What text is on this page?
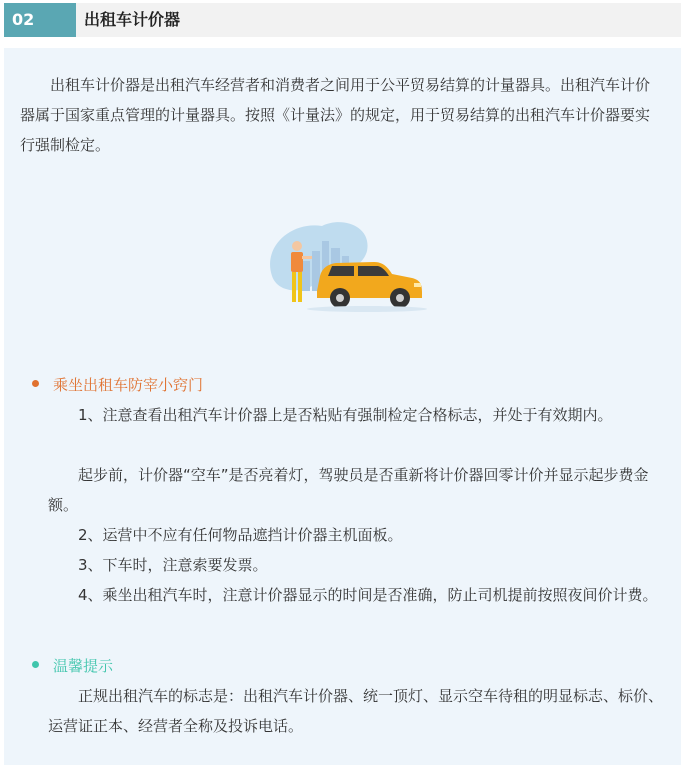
02	出租车计价器

出租车计价器是出租汽车经营者和消费者之间用于公平贸易结算的计量器具。出租汽车计价器属于国家重点管理的计量器具。按照《计量法》的规定，用于贸易结算的出租汽车计价器要实行强制检定。

乘坐出租车防宰小窍门

1、注意查看出租汽车计价器上是否粘贴有强制检定合格标志，并处于有效期内。

起步前，计价器“空车”是否亮着灯，驾驶员是否重新将计价器回零计价并显示起步费金额。

2、运营中不应有任何物品遮挡计价器主机面板。

3、下车时，注意索要发票。

4、乘坐出租汽车时，注意计价器显示的时间是否准确，防止司机提前按照夜间价计费。

温馨提示

正规出租汽车的标志是：出租汽车计价器、统一顶灯、显示空车待租的明显标志、标价、运营证正本、经营者全称及投诉电话。
